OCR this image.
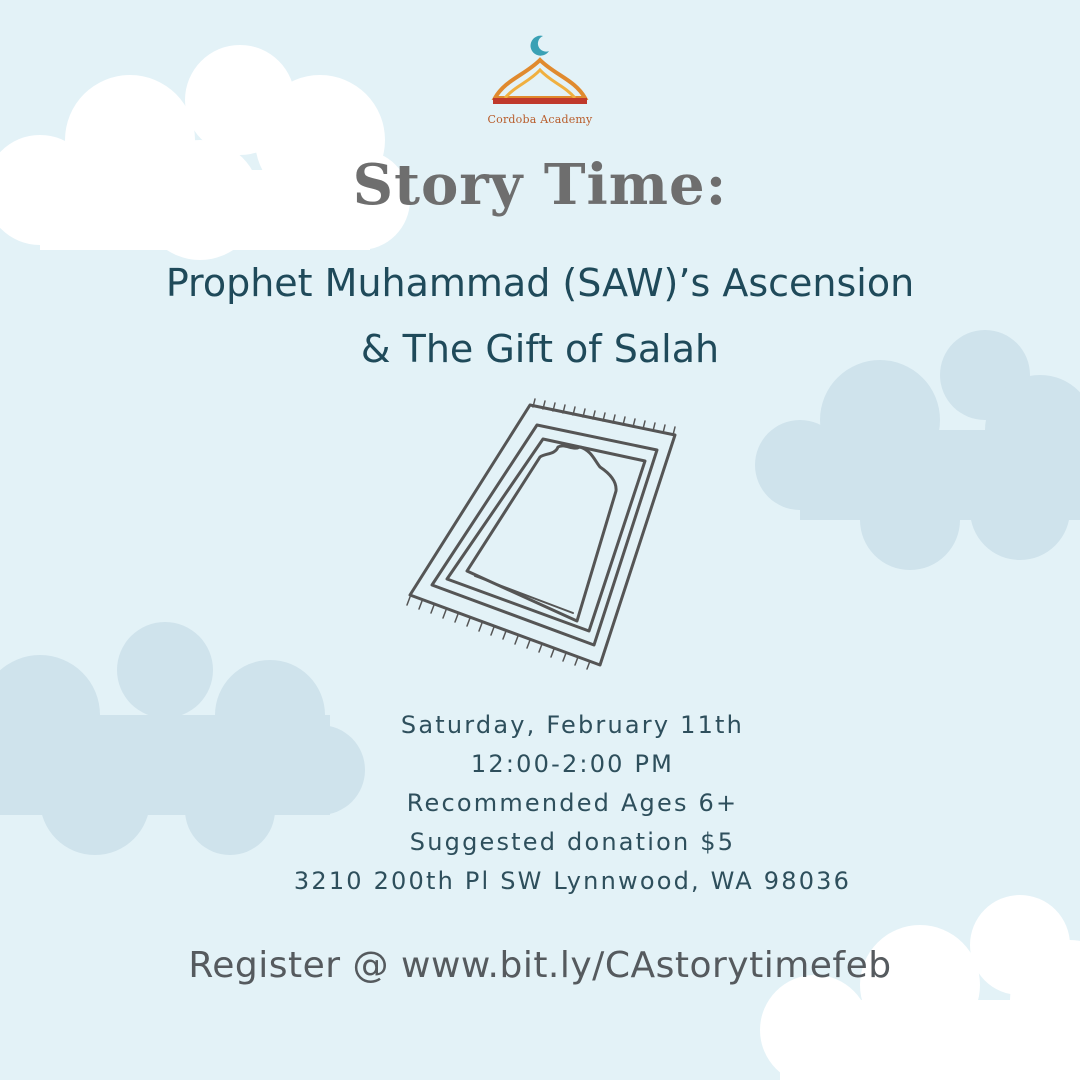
Cordoba Academy
Story Time:
Prophet Muhammad (SAW)’s Ascension
& The Gift of Salah
Saturday, February 11th
12:00-2:00 PM
Recommended Ages 6+
Suggested donation $5
3210 200th Pl SW Lynnwood, WA 98036
Register @ www.bit.ly/CAstorytimefeb
